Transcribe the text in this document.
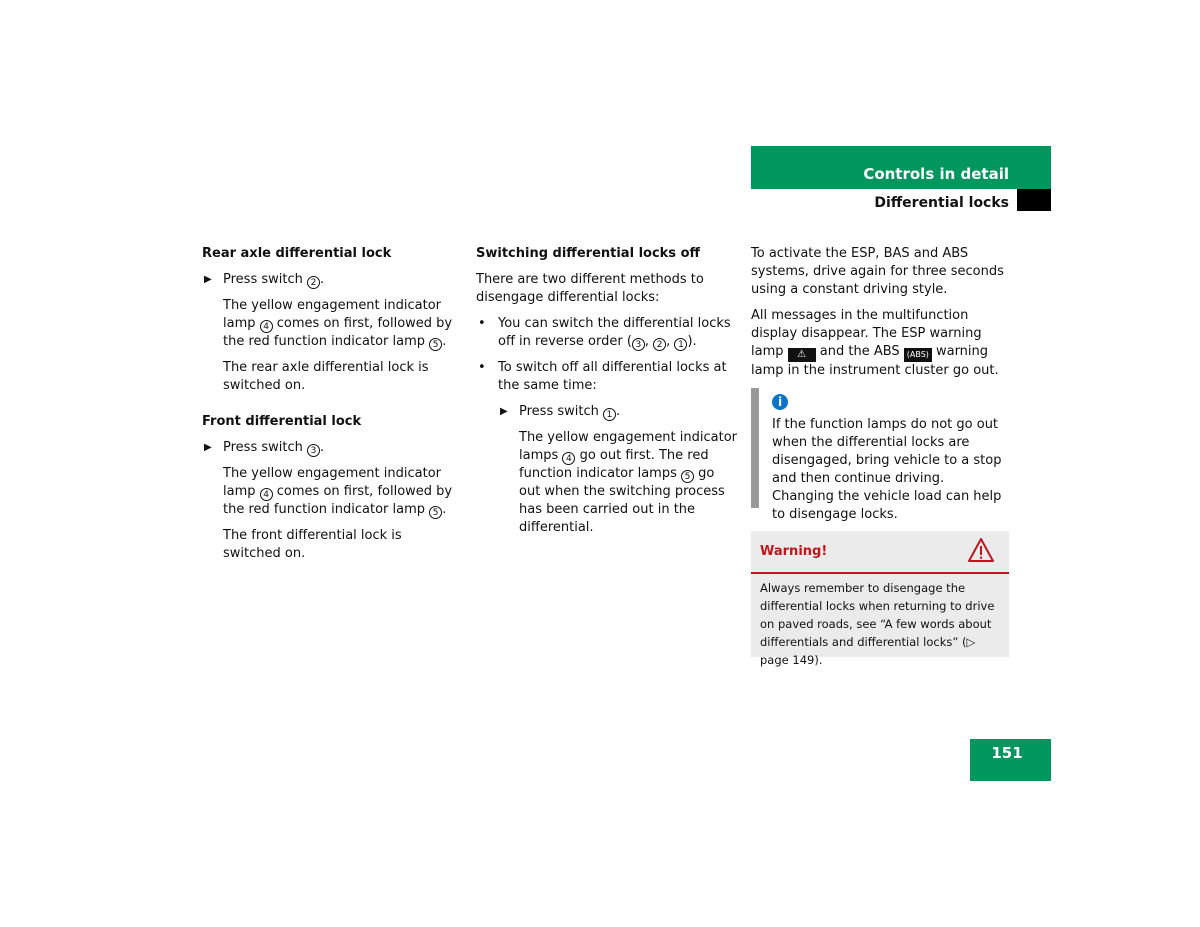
Controls in detail
Differential locks
Rear axle differential lock
▶ Press switch 2 .
The yellow engagement indicator lamp 4 comes on first, followed by the red function indicator lamp 5 .
The rear axle differential lock is switched on.
Front differential lock
▶ Press switch 3 .
The yellow engagement indicator lamp 4 comes on first, followed by the red function indicator lamp 5 .
The front differential lock is switched on.
Switching differential locks off
There are two different methods to disengage differential locks:
• You can switch the differential locks off in reverse order ( 3 , 2 , 1 ).
• To switch off all differential locks at the same time:
▶ Press switch 1 .
The yellow engagement indicator lamps 4 go out first. The red function indicator lamps 5 go out when the switching process has been carried out in the differential.
To activate the ESP, BAS and ABS systems, drive again for three seconds using a constant driving style.
All messages in the multifunction display disappear. The ESP warning lamp ⚠ and the ABS (ABS) warning lamp in the instrument cluster go out.
i
If the function lamps do not go out when the differential locks are disengaged, bring vehicle to a stop and then continue driving. Changing the vehicle load can help to disengage locks.
Warning!
Always remember to disengage the differential locks when returning to drive on paved roads, see “A few words about differentials and differential locks” (▷ page 149).
151
